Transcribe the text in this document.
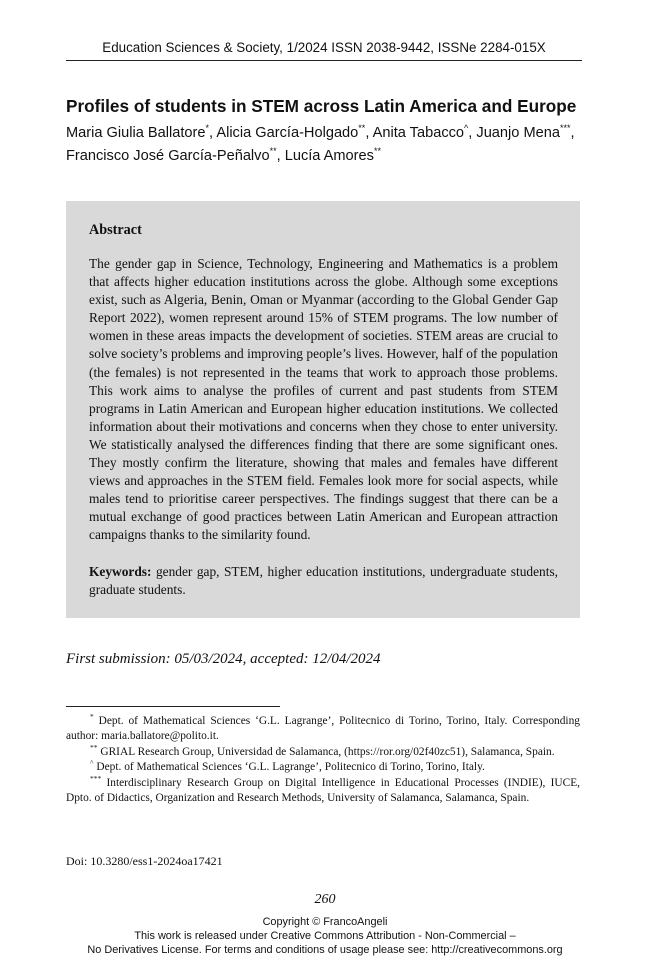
Education Sciences & Society, 1/2024 ISSN 2038-9442, ISSNe 2284-015X
Profiles of students in STEM across Latin America and Europe
Maria Giulia Ballatore*, Alicia García-Holgado**, Anita Tabacco^, Juanjo Mena***, Francisco José García-Peñalvo**, Lucía Amores**
Abstract
The gender gap in Science, Technology, Engineering and Mathematics is a problem that affects higher education institutions across the globe. Although some exceptions exist, such as Algeria, Benin, Oman or Myanmar (according to the Global Gender Gap Report 2022), women represent around 15% of STEM programs. The low number of women in these areas impacts the development of societies. STEM areas are crucial to solve society’s problems and improving people’s lives. However, half of the population (the females) is not represented in the teams that work to approach those problems. This work aims to analyse the profiles of current and past students from STEM programs in Latin American and European higher education institutions. We collected information about their motivations and concerns when they chose to enter university. We statistically analysed the differences finding that there are some significant ones. They mostly confirm the literature, showing that males and females have different views and approaches in the STEM field. Females look more for social aspects, while males tend to prioritise career perspectives. The findings suggest that there can be a mutual exchange of good practices between Latin American and European attraction campaigns thanks to the similarity found.
Keywords: gender gap, STEM, higher education institutions, undergraduate students, graduate students.
First submission: 05/03/2024, accepted: 12/04/2024

* Dept. of Mathematical Sciences ‘G.L. Lagrange’, Politecnico di Torino, Torino, Italy. Corresponding author: maria.ballatore@polito.it.

** GRIAL Research Group, Universidad de Salamanca, (https://ror.org/02f40zc51), Salamanca, Spain.

^ Dept. of Mathematical Sciences ‘G.L. Lagrange’, Politecnico di Torino, Torino, Italy.

*** Interdisciplinary Research Group on Digital Intelligence in Educational Processes (INDIE), IUCE, Dpto. of Didactics, Organization and Research Methods, University of Salamanca, Salamanca, Spain.

Doi: 10.3280/ess1-2024oa17421
260
Copyright © FrancoAngeli
This work is released under Creative Commons Attribution - Non-Commercial –
No Derivatives License. For terms and conditions of usage please see: http://creativecommons.org
